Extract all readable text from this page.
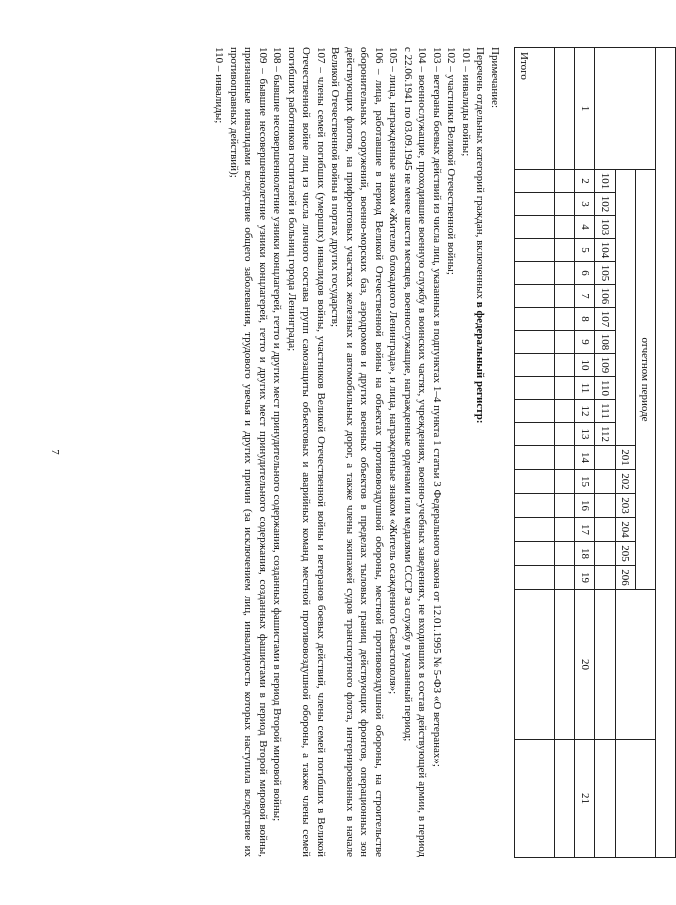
7

	отчетном периоде																				
													201	202	203	204	205	206			
	101	102	103	104	105	106	107	108	109	110	111	112									
1	2	3	4	5	6	7	8	9	10	11	12	13	14	15	16	17	18	19	20	21	

Итого																					

Примечание:

Перечень отдельных категорий граждан, включенных в федеральный регистр:

101 – инвалиды войны;

102 – участники Великой Отечественной войны;

103 – ветераны боевых действий из числа лиц, указанных в подпунктах 1–4 пункта 1 статьи 3 Федерального закона от 12.01.1995 № 5-ФЗ «О ветеранах»;

104 – военнослужащие, проходившие военную службу в воинских частях, учреждениях, военно-учебных заведениях, не входивших в состав действующей армии, в период с 22.06.1941 по 03.09.1945 не менее шести месяцев, военнослужащие, награжденные орденами или медалями СССР за службу в указанный период;

105 – лица, награжденные знаком «Жителю блокадного Ленинграда», и лица, награжденные знаком «Житель осажденного Севастополя»;

106 – лица, работавшие в период Великой Отечественной войны на объектах противовоздушной обороны, местной противовоздушной обороны, на строительстве оборонительных сооружений, военно-морских баз, аэродромов и других военных объектов в пределах тыловых границ действующих фронтов, операционных зон действующих флотов, на прифронтовых участках железных и автомобильных дорог, а также члены экипажей судов транспортного флота, интернированных в начале Великой Отечественной войны в портах других государств;

107 – члены семей погибших (умерших) инвалидов войны, участников Великой Отечественной войны и ветеранов боевых действий, члены семей погибших в Великой Отечественной войне лиц из числа личного состава групп самозащиты объектовых и аварийных команд местной противовоздушной обороны, а также члены семей погибших работников госпиталей и больниц города Ленинграда;

108 – бывшие несовершеннолетние узники концлагерей, гетто и других мест принудительного содержания, созданных фашистами в период Второй мировой войны;

109 – бывшие несовершеннолетние узники концлагерей, гетто и других мест принудительного содержания, созданных фашистами в период Второй мировой войны, признанные инвалидами вследствие общего заболевания, трудового увечья и других причин (за исключением лиц, инвалидность которых наступила вследствие их противоправных действий);

110 – инвалиды;
